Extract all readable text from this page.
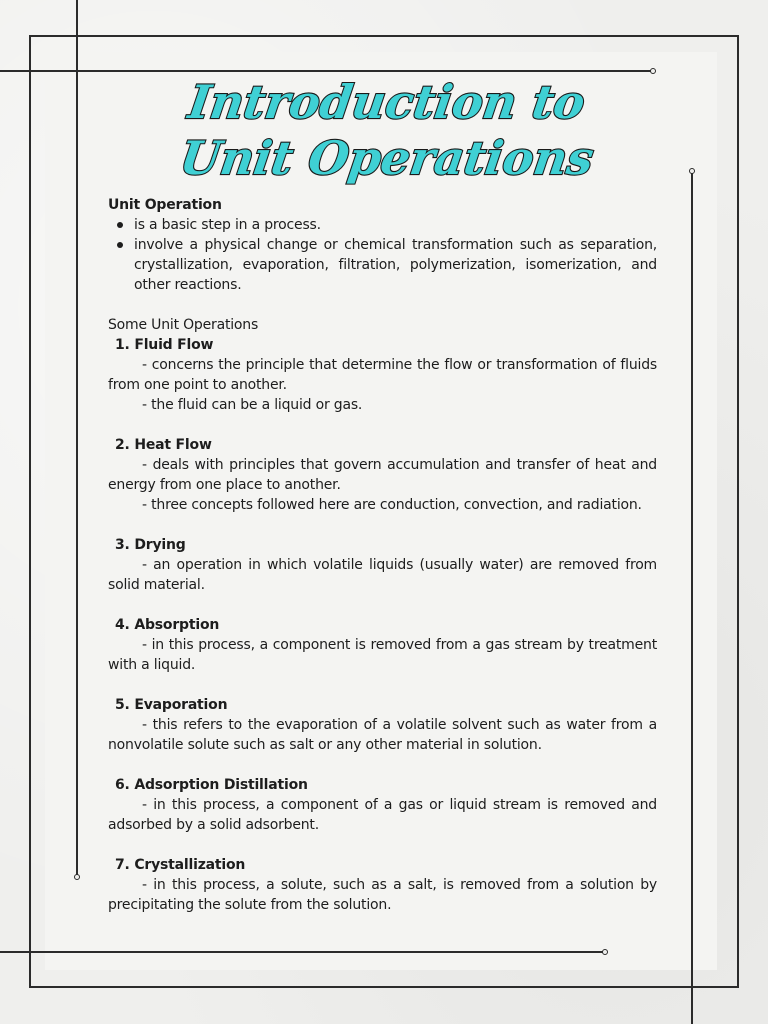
Introduction to
Unit Operations

Unit Operation

is a basic step in a process.
involve a physical change or chemical transformation such as separation, crystallization, evaporation, filtration, polymerization, isomerization, and other reactions.

Some Unit Operations

1. Fluid Flow

- concerns the principle that determine the flow or transformation of fluids from one point to another.

- the fluid can be a liquid or gas.

2. Heat Flow

- deals with principles that govern accumulation and transfer of heat and energy from one place to another.

- three concepts followed here are conduction, convection, and radiation.

3. Drying

- an operation in which volatile liquids (usually water) are removed from solid material.

4. Absorption

- in this process, a component is removed from a gas stream by treatment with a liquid.

5. Evaporation

- this refers to the evaporation of a volatile solvent such as water from a nonvolatile solute such as salt or any other material in solution.

6. Adsorption Distillation

- in this process, a component of a gas or liquid stream is removed and adsorbed by a solid adsorbent.

7. Crystallization

- in this process, a solute, such as a salt, is removed from a solution by precipitating the solute from the solution.
